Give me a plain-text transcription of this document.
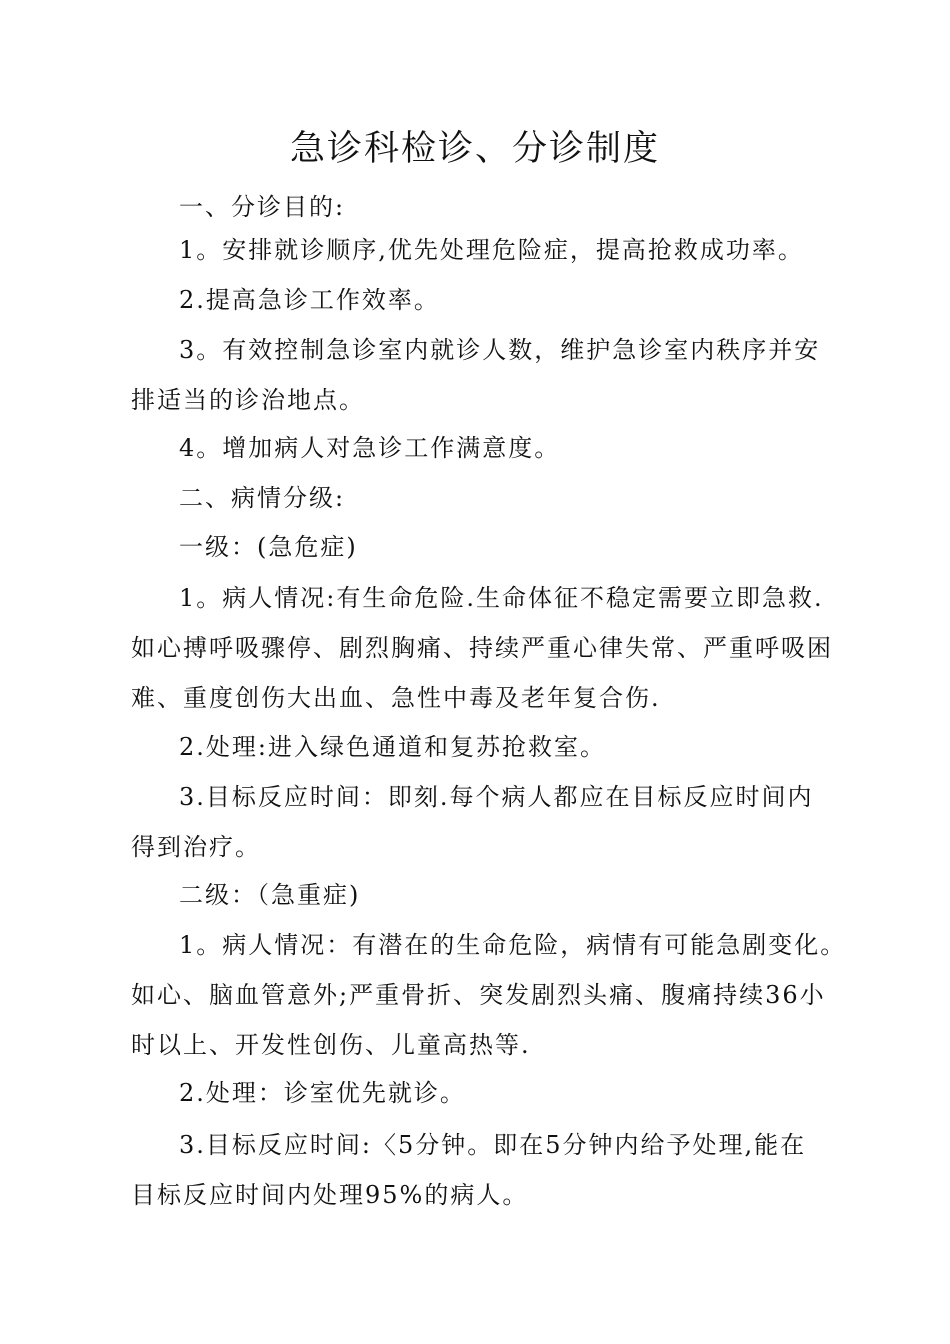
急诊科检诊、分诊制度
一、分诊目的:
1。安排就诊顺序,优先处理危险症，提高抢救成功率。
2.提高急诊工作效率。
3。有效控制急诊室内就诊人数，维护急诊室内秩序并安
排适当的诊治地点。
4。增加病人对急诊工作满意度。
二、病情分级:
一级：(急危症)
1。病人情况:有生命危险.生命体征不稳定需要立即急救.
如心搏呼吸骤停、剧烈胸痛、持续严重心律失常、严重呼吸困
难、重度创伤大出血、急性中毒及老年复合伤.
2.处理:进入绿色通道和复苏抢救室。
3.目标反应时间：即刻.每个病人都应在目标反应时间内
得到治疗。
二级：（急重症)
1。病人情况：有潜在的生命危险，病情有可能急剧变化。
如心、脑血管意外;严重骨折、突发剧烈头痛、腹痛持续36小
时以上、开发性创伤、儿童高热等.
2.处理：诊室优先就诊。
3.目标反应时间:〈5分钟。即在5分钟内给予处理,能在
目标反应时间内处理95%的病人。
